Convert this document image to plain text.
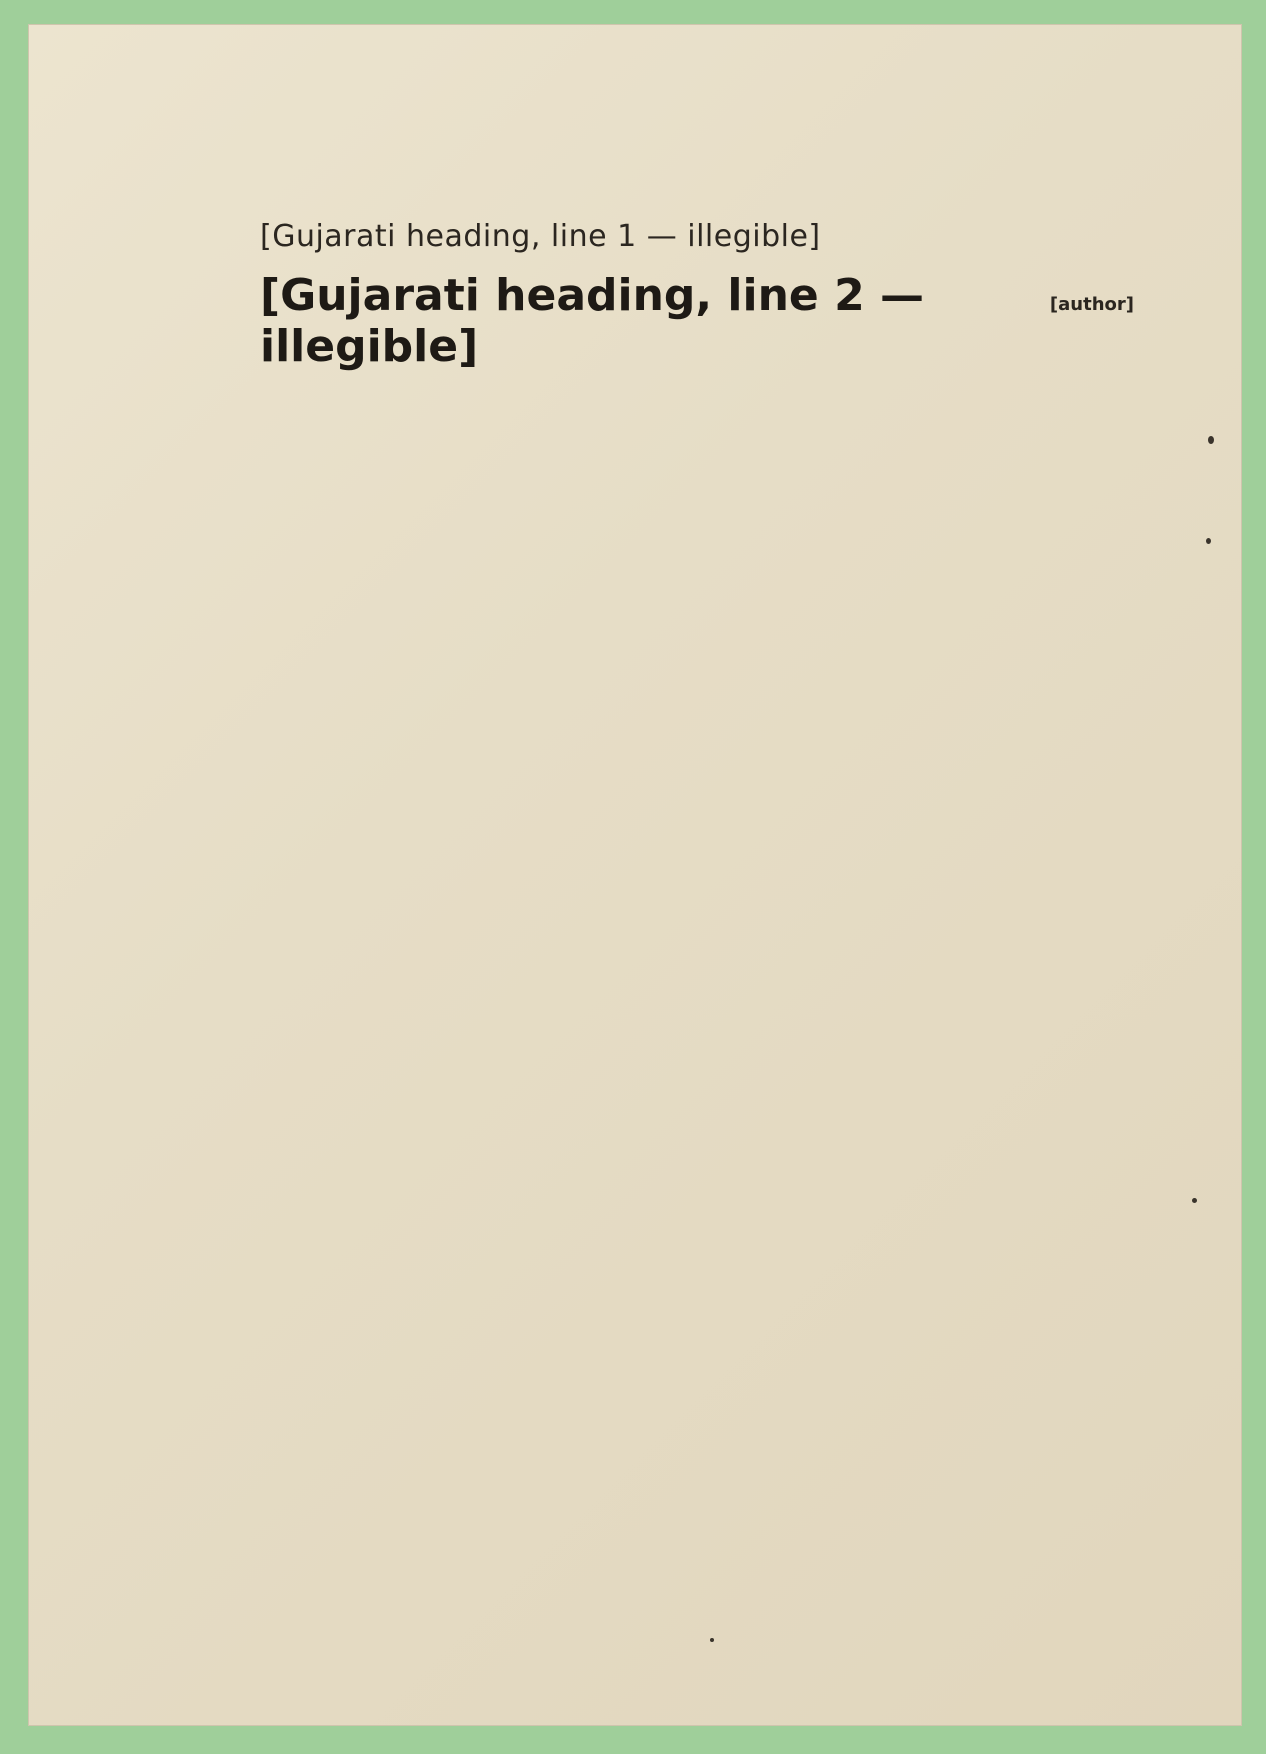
[Gujarati heading, line 1 — illegible]

[Gujarati heading, line 2 — illegible]

[author]
